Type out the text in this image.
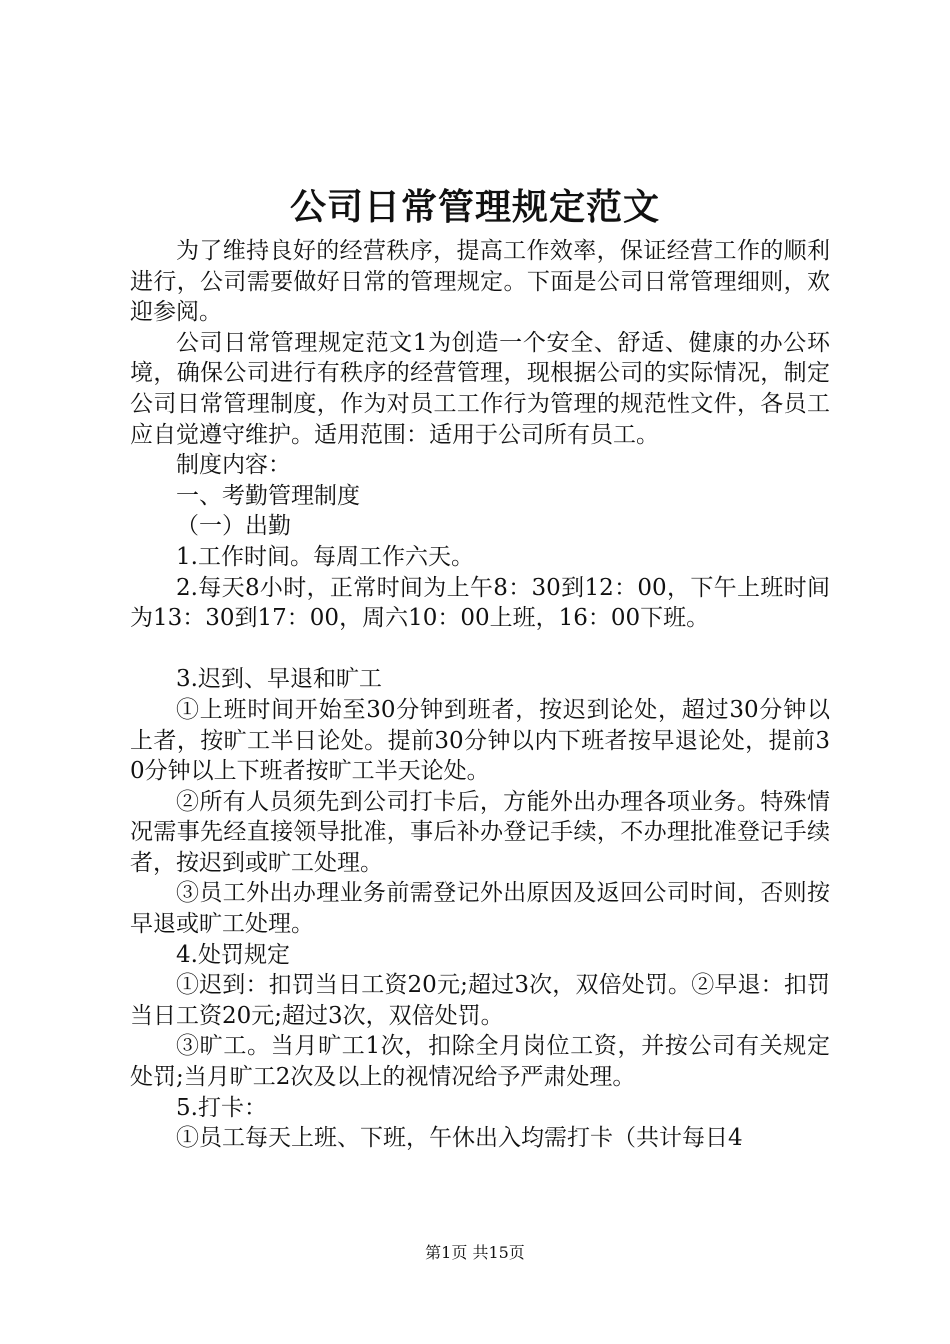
公司日常管理规定范文

为了维持良好的经营秩序，提高工作效率，保证经营工作的顺利进行，公司需要做好日常的管理规定。下面是公司日常管理细则，欢迎参阅。

公司日常管理规定范文1为创造一个安全、舒适、健康的办公环境，确保公司进行有秩序的经营管理，现根据公司的实际情况，制定公司日常管理制度，作为对员工工作行为管理的规范性文件，各员工应自觉遵守维护。适用范围：适用于公司所有员工。

制度内容：

一、考勤管理制度

（一）出勤

1.工作时间。每周工作六天。

2.每天8小时，正常时间为上午8：30到12：00，下午上班时间为13：30到17：00，周六10：00上班，16：00下班。

3.迟到、早退和旷工

①上班时间开始至30分钟到班者，按迟到论处，超过30分钟以上者，按旷工半日论处。提前30分钟以内下班者按早退论处，提前30分钟以上下班者按旷工半天论处。

②所有人员须先到公司打卡后，方能外出办理各项业务。特殊情况需事先经直接领导批准，事后补办登记手续，不办理批准登记手续者，按迟到或旷工处理。

③员工外出办理业务前需登记外出原因及返回公司时间，否则按早退或旷工处理。

4.处罚规定

①迟到：扣罚当日工资20元;超过3次，双倍处罚。②早退：扣罚当日工资20元;超过3次，双倍处罚。

③旷工。当月旷工1次，扣除全月岗位工资，并按公司有关规定处罚;当月旷工2次及以上的视情况给予严肃处理。

5.打卡：

①员工每天上班、下班，午休出入均需打卡（共计每日4

第1页 共15页
